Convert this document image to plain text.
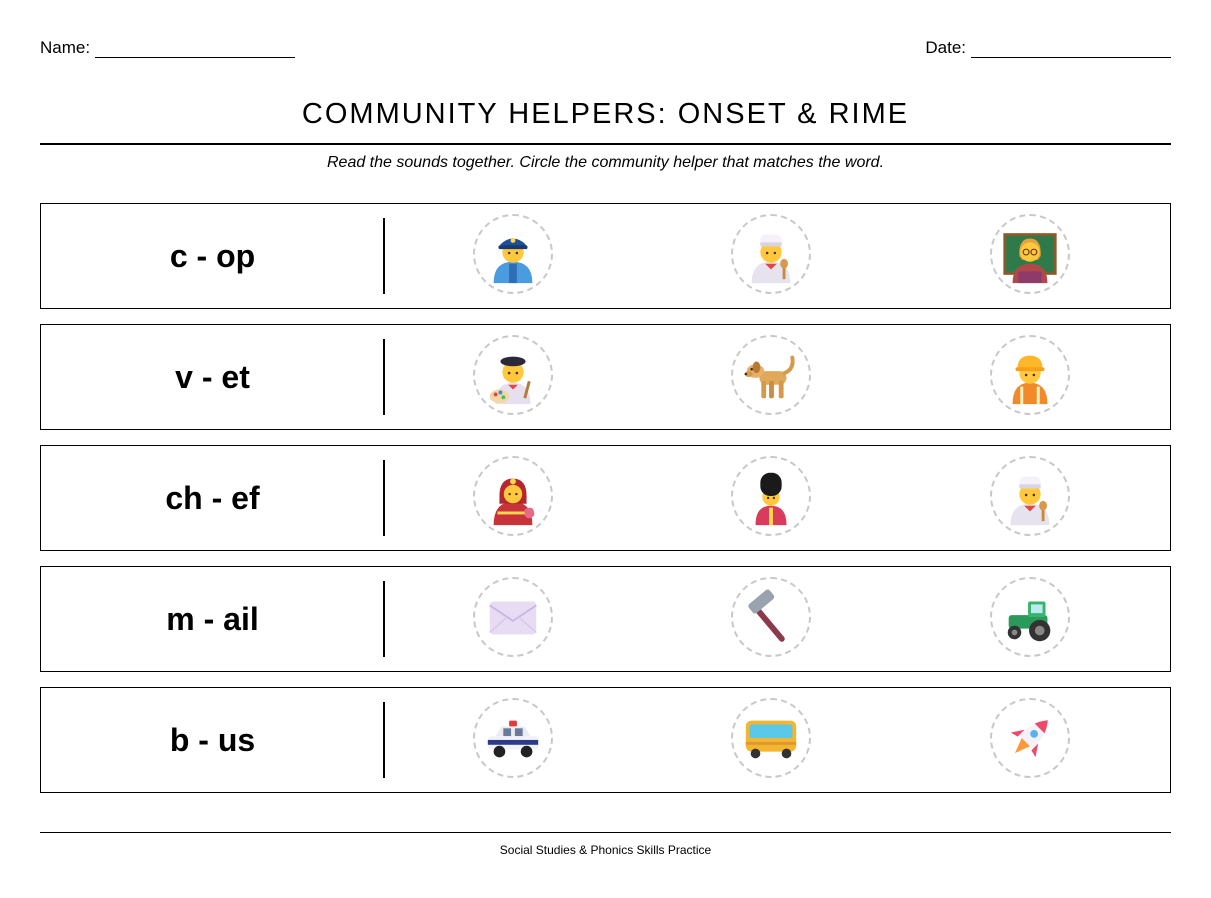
Name:	Date:
COMMUNITY HELPERS: ONSET & RIME
Read the sounds together. Circle the community helper that matches the word.
c - op
v - et
ch - ef
m - ail
b - us
Social Studies & Phonics Skills Practice
